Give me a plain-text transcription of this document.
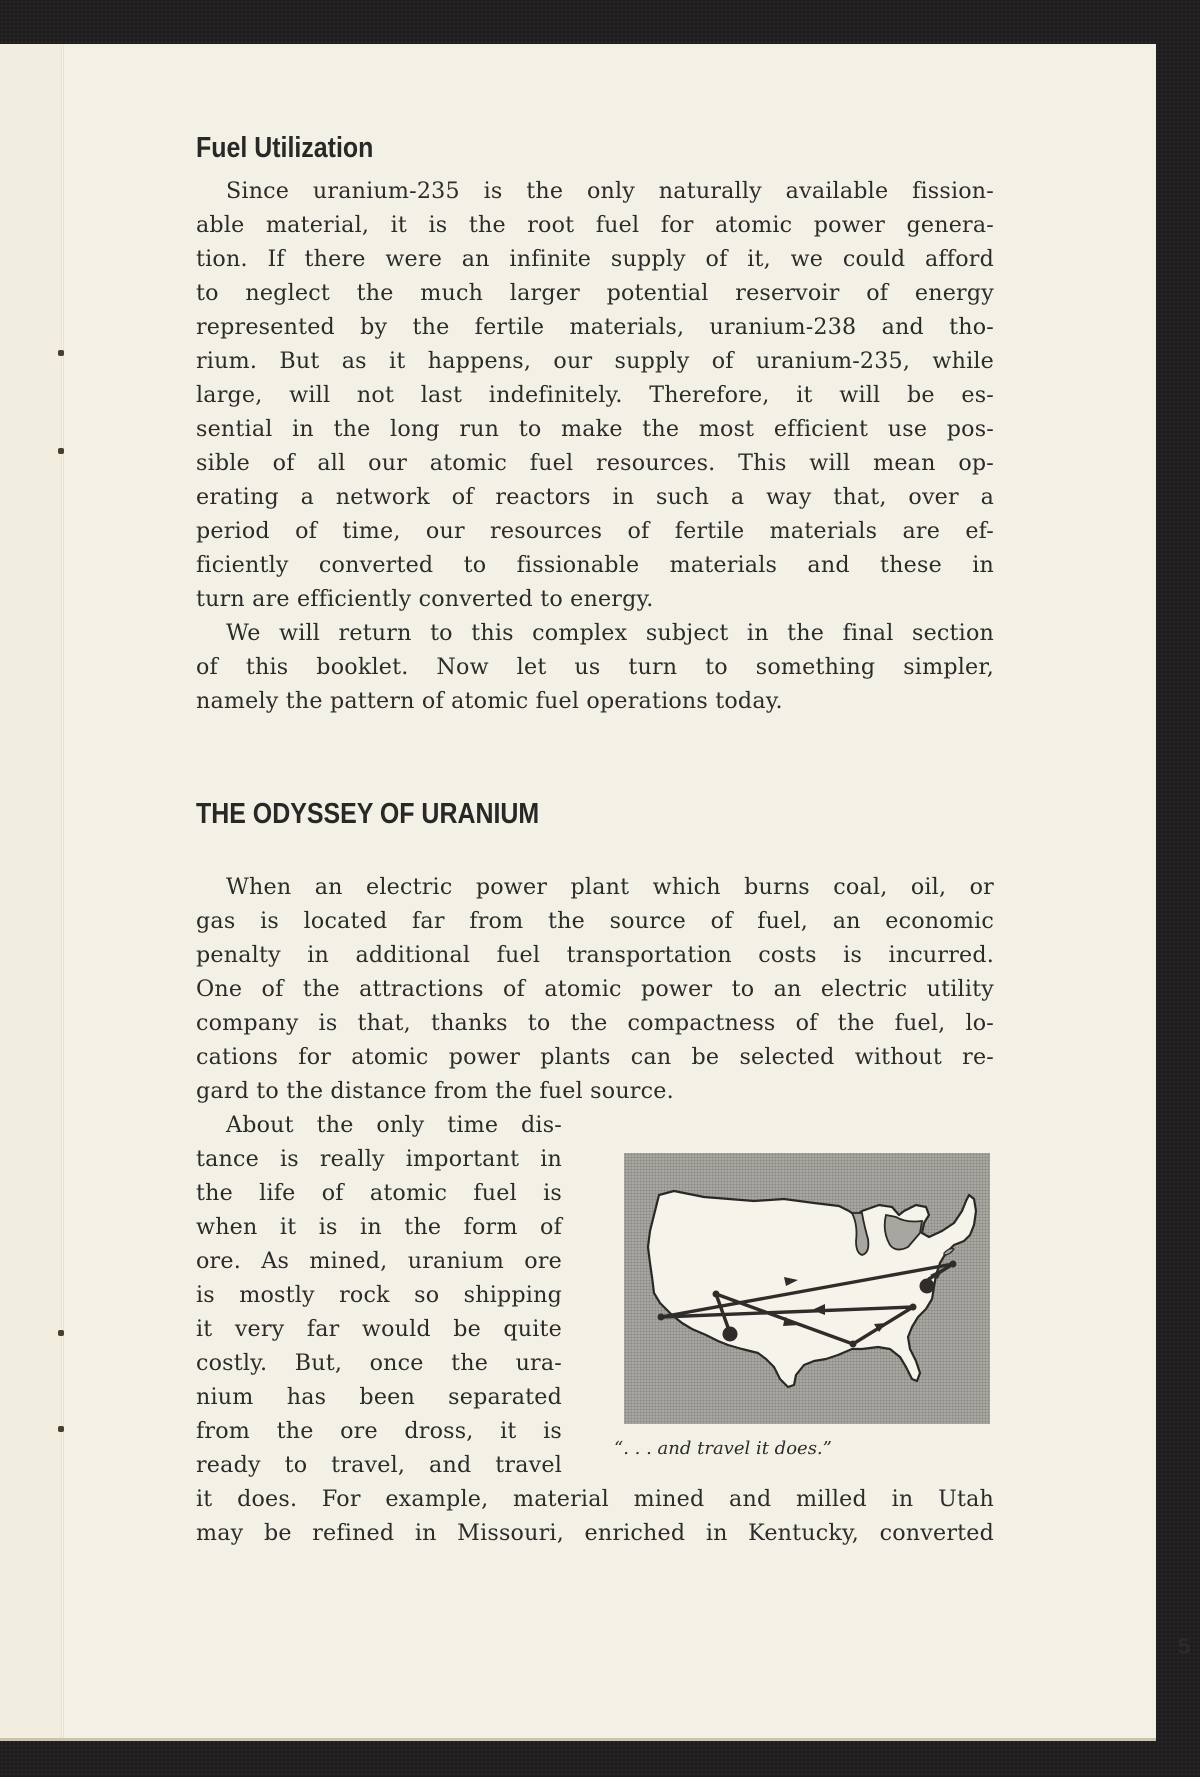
Fuel Utilization
Since uranium-235 is the only naturally available fission-
able material, it is the root fuel for atomic power genera-
tion. If there were an infinite supply of it, we could afford
to neglect the much larger potential reservoir of energy
represented by the fertile materials, uranium-238 and tho-
rium. But as it happens, our supply of uranium-235, while
large, will not last indefinitely. Therefore, it will be es-
sential in the long run to make the most efficient use pos-
sible of all our atomic fuel resources. This will mean op-
erating a network of reactors in such a way that, over a
period of time, our resources of fertile materials are ef-
ficiently converted to fissionable materials and these in
turn are efficiently converted to energy.
We will return to this complex subject in the final section
of this booklet. Now let us turn to something simpler,
namely the pattern of atomic fuel operations today.
THE ODYSSEY OF URANIUM
When an electric power plant which burns coal, oil, or
gas is located far from the source of fuel, an economic
penalty in additional fuel transportation costs is incurred.
One of the attractions of atomic power to an electric utility
company is that, thanks to the compactness of the fuel, lo-
cations for atomic power plants can be selected without re-
gard to the distance from the fuel source.
About the only time dis-
tance is really important in
the life of atomic fuel is
when it is in the form of
ore. As mined, uranium ore
is mostly rock so shipping
it very far would be quite
costly. But, once the ura-
nium has been separated
from the ore dross, it is
ready to travel, and travel
it does. For example, material mined and milled in Utah
may be refined in Missouri, enriched in Kentucky, converted
“. . . and travel it does.”
5
